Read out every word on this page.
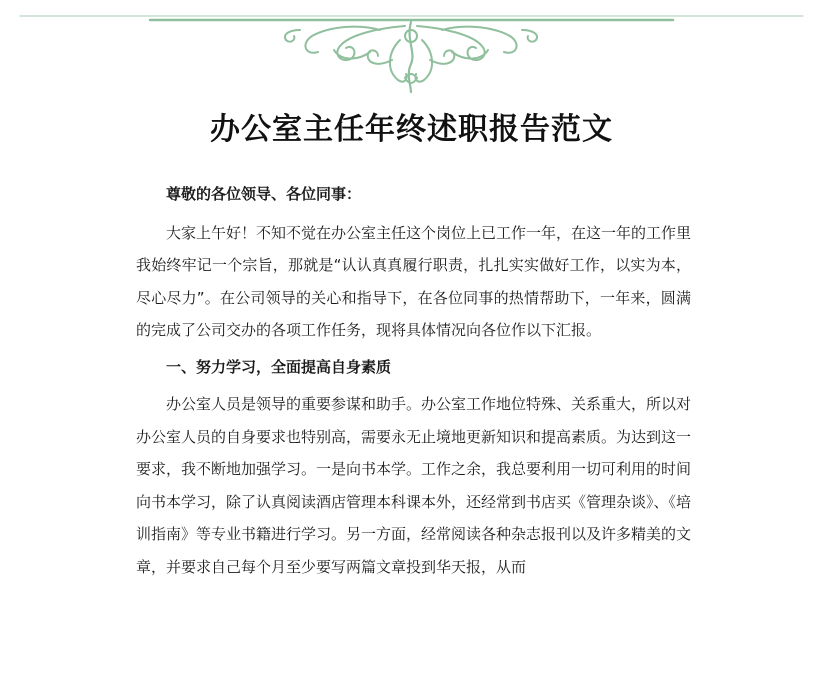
办公室主任年终述职报告范文

尊敬的各位领导、各位同事：

大家上午好！不知不觉在办公室主任这个岗位上已工作一年，在这一年的工作里我始终牢记一个宗旨，那就是“认认真真履行职责，扎扎实实做好工作，以实为本，尽心尽力”。在公司领导的关心和指导下，在各位同事的热情帮助下，一年来，圆满的完成了公司交办的各项工作任务，现将具体情况向各位作以下汇报。

一、努力学习，全面提高自身素质

办公室人员是领导的重要参谋和助手。办公室工作地位特殊、关系重大，所以对办公室人员的自身要求也特别高，需要永无止境地更新知识和提高素质。为达到这一要求，我不断地加强学习。一是向书本学。工作之余，我总要利用一切可利用的时间向书本学习，除了认真阅读酒店管理本科课本外，还经常到书店买《管理杂谈》、《培训指南》等专业书籍进行学习。另一方面，经常阅读各种杂志报刊以及许多精美的文章，并要求自己每个月至少要写两篇文章投到华天报，从而
